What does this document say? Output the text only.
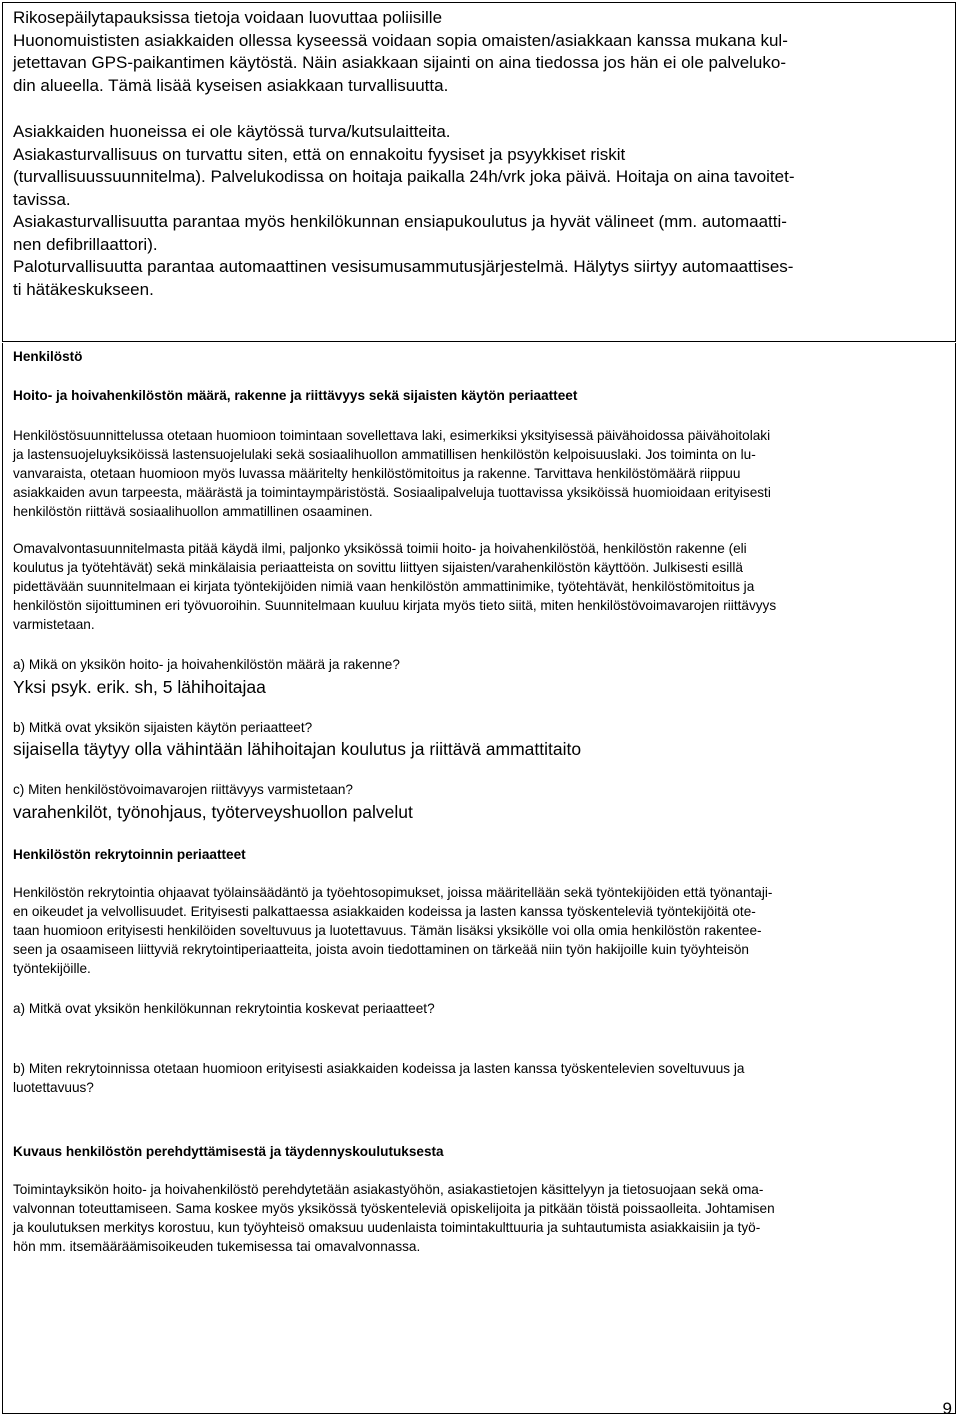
Rikosepäilytapauksissa tietoja voidaan luovuttaa poliisille
Huonomuististen asiakkaiden ollessa kyseessä voidaan sopia omaisten/asiakkaan kanssa mukana kul-
jetettavan GPS-paikantimen käytöstä. Näin asiakkaan sijainti on aina tiedossa jos hän ei ole palveluko-
din alueella. Tämä lisää kyseisen asiakkaan turvallisuutta.
Asiakkaiden huoneissa ei ole käytössä turva/kutsulaitteita.
Asiakasturvallisuus on turvattu siten, että on ennakoitu fyysiset ja psyykkiset riskit
(turvallisuussuunnitelma). Palvelukodissa on hoitaja paikalla 24h/vrk joka päivä. Hoitaja on aina tavoitet-
tavissa.
Asiakasturvallisuutta parantaa myös henkilökunnan ensiapukoulutus ja hyvät välineet (mm. automaatti-
nen defibrillaattori).
Paloturvallisuutta parantaa automaattinen vesisumusammutusjärjestelmä. Hälytys siirtyy automaattises-
ti hätäkeskukseen.
Henkilöstö
Hoito- ja hoivahenkilöstön määrä, rakenne ja riittävyys sekä sijaisten käytön periaatteet
Henkilöstösuunnittelussa otetaan huomioon toimintaan sovellettava laki, esimerkiksi yksityisessä päivähoidossa päivähoitolaki
ja lastensuojeluyksiköissä lastensuojelulaki sekä sosiaalihuollon ammatillisen henkilöstön kelpoisuuslaki. Jos toiminta on lu-
vanvaraista, otetaan huomioon myös luvassa määritelty henkilöstömitoitus ja rakenne. Tarvittava henkilöstömäärä riippuu
asiakkaiden avun tarpeesta, määrästä ja toimintaympäristöstä. Sosiaalipalveluja tuottavissa yksiköissä huomioidaan erityisesti
henkilöstön riittävä sosiaalihuollon ammatillinen osaaminen.
Omavalvontasuunnitelmasta pitää käydä ilmi, paljonko yksikössä toimii hoito- ja hoivahenkilöstöä, henkilöstön rakenne (eli
koulutus ja työtehtävät) sekä minkälaisia periaatteista on sovittu liittyen sijaisten/varahenkilöstön käyttöön. Julkisesti esillä
pidettävään suunnitelmaan ei kirjata työntekijöiden nimiä vaan henkilöstön ammattinimike, työtehtävät, henkilöstömitoitus ja
henkilöstön sijoittuminen eri työvuoroihin. Suunnitelmaan kuuluu kirjata myös tieto siitä, miten henkilöstövoimavarojen riittävyys
varmistetaan.
a) Mikä on yksikön hoito- ja hoivahenkilöstön määrä ja rakenne?
Yksi psyk. erik. sh, 5 lähihoitajaa
b) Mitkä ovat yksikön sijaisten käytön periaatteet?
sijaisella täytyy olla vähintään lähihoitajan koulutus ja riittävä ammattitaito
c) Miten henkilöstövoimavarojen riittävyys varmistetaan?
varahenkilöt, työnohjaus, työterveyshuollon palvelut
Henkilöstön rekrytoinnin periaatteet
Henkilöstön rekrytointia ohjaavat työlainsäädäntö ja työehtosopimukset, joissa määritellään sekä työntekijöiden että työnantaji-
en oikeudet ja velvollisuudet. Erityisesti palkattaessa asiakkaiden kodeissa ja lasten kanssa työskenteleviä työntekijöitä ote-
taan huomioon erityisesti henkilöiden soveltuvuus ja luotettavuus. Tämän lisäksi yksikölle voi olla omia henkilöstön rakentee-
seen ja osaamiseen liittyviä rekrytointiperiaatteita, joista avoin tiedottaminen on tärkeää niin työn hakijoille kuin työyhteisön
työntekijöille.
a) Mitkä ovat yksikön henkilökunnan rekrytointia koskevat periaatteet?
b) Miten rekrytoinnissa otetaan huomioon erityisesti asiakkaiden kodeissa ja lasten kanssa työskentelevien soveltuvuus ja
luotettavuus?
Kuvaus henkilöstön perehdyttämisestä ja täydennyskoulutuksesta
Toimintayksikön hoito- ja hoivahenkilöstö perehdytetään asiakastyöhön, asiakastietojen käsittelyyn ja tietosuojaan sekä oma-
valvonnan toteuttamiseen. Sama koskee myös yksikössä työskenteleviä opiskelijoita ja pitkään töistä poissaolleita. Johtamisen
ja koulutuksen merkitys korostuu, kun työyhteisö omaksuu uudenlaista toimintakulttuuria ja suhtautumista asiakkaisiin ja työ-
hön mm. itsemääräämisoikeuden tukemisessa tai omavalvonnassa.
9
